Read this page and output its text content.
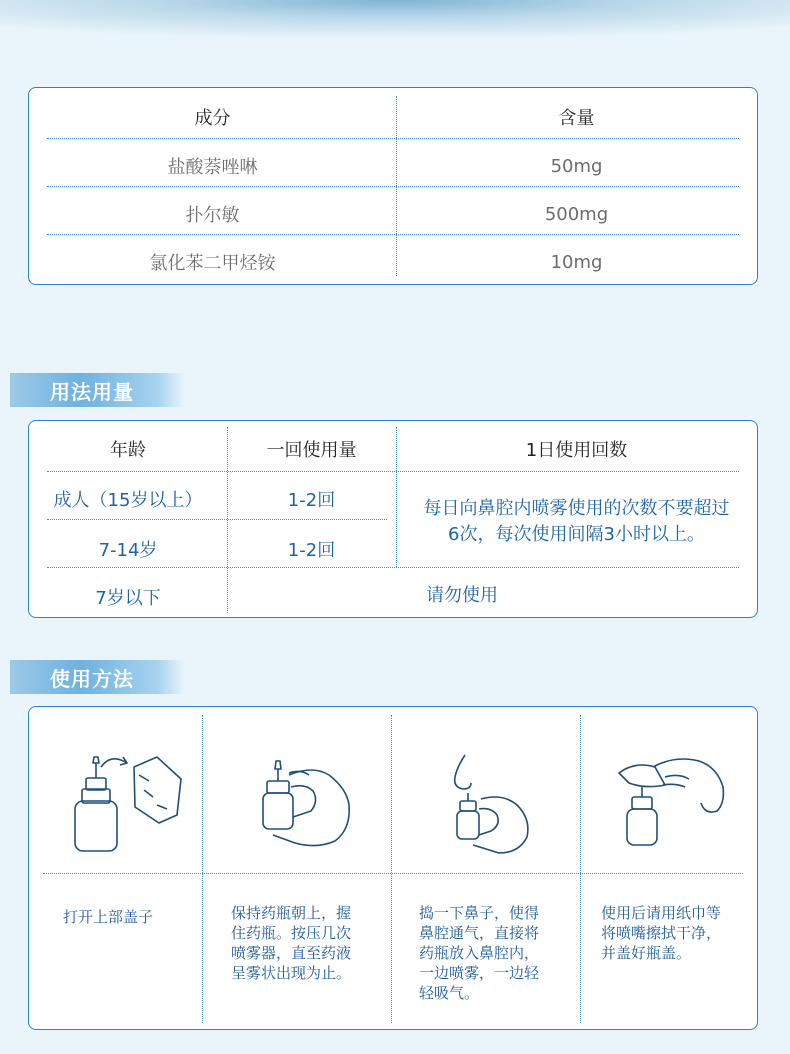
成分	含量
盐酸萘唑啉	50mg
扑尔敏	500mg
氯化苯二甲烃铵	10mg
用法用量
年龄	一回使用量	1日使用回数
成人（15岁以上）	1-2回
7-14岁	1-2回
每日向鼻腔内喷雾使用的次数不要超过
6次，每次使用间隔3小时以上。
7岁以下	请勿使用
使用方法
打开上部盖子	保持药瓶朝上，握
住药瓶。按压几次
喷雾器，直至药液
呈雾状出现为止。
捣一下鼻子，使得
鼻腔通气，直接将
药瓶放入鼻腔内，
一边喷雾，一边轻
轻吸气。
使用后请用纸巾等
将喷嘴擦拭干净，
并盖好瓶盖。
